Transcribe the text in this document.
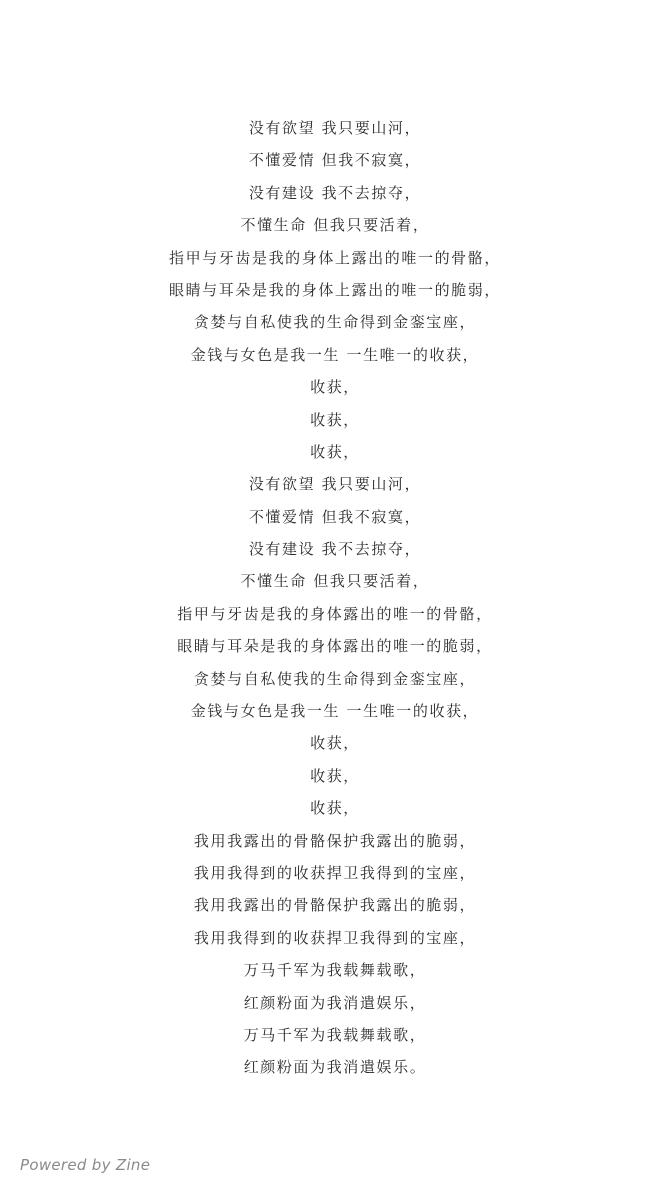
没有欲望 我只要山河，
不懂爱情 但我不寂寞，
没有建设 我不去掠夺，
不懂生命 但我只要活着，
指甲与牙齿是我的身体上露出的唯一的骨骼，
眼睛与耳朵是我的身体上露出的唯一的脆弱，
贪婪与自私使我的生命得到金銮宝座，
金钱与女色是我一生 一生唯一的收获，
收获，
收获，
收获，
没有欲望 我只要山河，
不懂爱情 但我不寂寞，
没有建设 我不去掠夺，
不懂生命 但我只要活着，
指甲与牙齿是我的身体露出的唯一的骨骼，
眼睛与耳朵是我的身体露出的唯一的脆弱，
贪婪与自私使我的生命得到金銮宝座，
金钱与女色是我一生 一生唯一的收获，
收获，
收获，
收获，
我用我露出的骨骼保护我露出的脆弱，
我用我得到的收获捍卫我得到的宝座，
我用我露出的骨骼保护我露出的脆弱，
我用我得到的收获捍卫我得到的宝座，
万马千军为我载舞载歌，
红颜粉面为我消遣娱乐，
万马千军为我载舞载歌，
红颜粉面为我消遣娱乐。
Powered by Zine
